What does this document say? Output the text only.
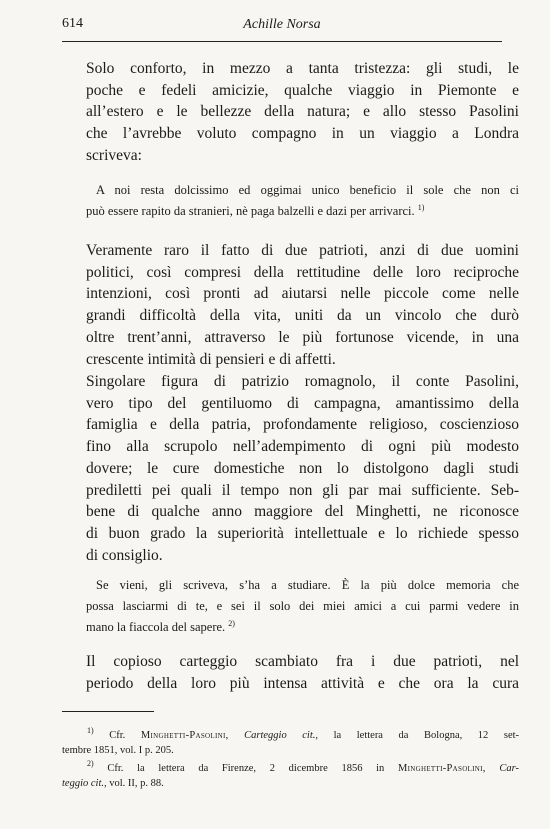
614	Achille Norsa
Solo conforto, in mezzo a tanta tristezza: gli studi, le
poche e fedeli amicizie, qualche viaggio in Piemonte e
all’estero e le bellezze della natura; e allo stesso Pasolini
che l’avrebbe voluto compagno in un viaggio a Londra
scriveva:
A noi resta dolcissimo ed oggimai unico beneficio il sole che non ci
può essere rapito da stranieri, nè paga balzelli e dazi per arrivarci. $^{1)}$
Veramente raro il fatto di due patrioti, anzi di due uomini
politici, così compresi della rettitudine delle loro reciproche
intenzioni, così pronti ad aiutarsi nelle piccole come nelle
grandi difficoltà della vita, uniti da un vincolo che durò
oltre trent’anni, attraverso le più fortunose vicende, in una
crescente intimità di pensieri e di affetti.
Singolare figura di patrizio romagnolo, il conte Pasolini,
vero tipo del gentiluomo di campagna, amantissimo della
famiglia e della patria, profondamente religioso, coscienzioso
fino alla scrupolo nell’adempimento di ogni più modesto
dovere; le cure domestiche non lo distolgono dagli studi
prediletti pei quali il tempo non gli par mai sufficiente. Seb-
bene di qualche anno maggiore del Minghetti, ne riconosce
di buon grado la superiorità intellettuale e lo richiede spesso
di consiglio.
Se vieni, gli scriveva, s’ha a studiare. È la più dolce memoria che
possa lasciarmi di te, e sei il solo dei miei amici a cui parmi vedere in
mano la fiaccola del sapere. $^{2)}$
Il copioso carteggio scambiato fra i due patrioti, nel
periodo della loro più intensa attività e che ora la cura
$^{1)}$ Cfr. Minghetti-Pasolini, Carteggio cit., la lettera da Bologna, 12 set-
tembre 1851, vol. I p. 205.
$^{2)}$ Cfr. la lettera da Firenze, 2 dicembre 1856 in Minghetti-Pasolini, Car-
teggio cit., vol. II, p. 88.
